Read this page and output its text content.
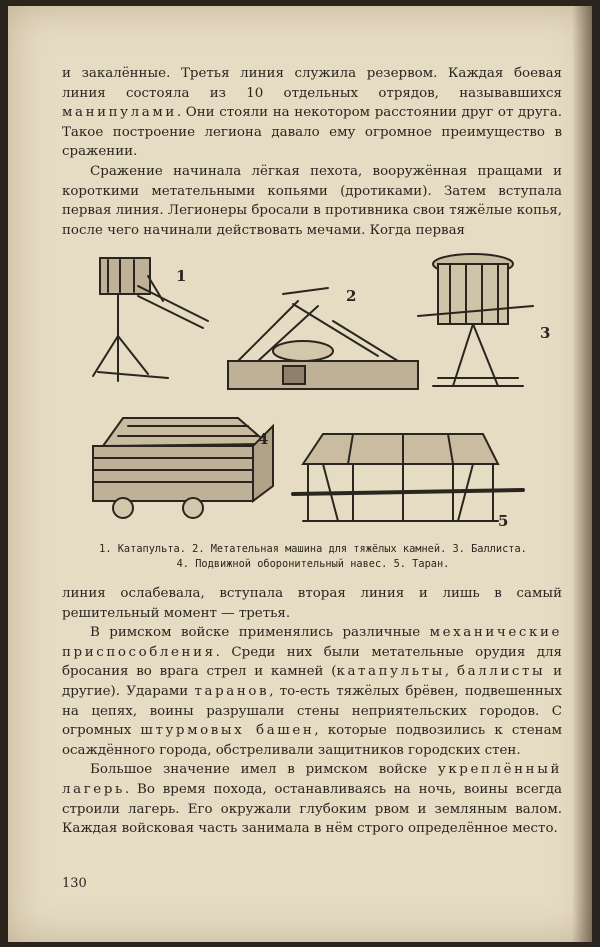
и закалённые. Третья линия служила резервом. Каждая боевая линия состояла из 10 отдельных отрядов, называвшихся манипулами. Они стояли на некотором расстоянии друг от друга. Такое построение легиона давало ему огромное преимущество в сражении.

Сражение начинала лёгкая пехота, вооружённая пращами и короткими метательными копьями (дротиками). Затем вступала первая линия. Легионеры бросали в противника свои тяжёлые копья, после чего начинали действовать мечами. Когда первая

1
2
3
4
5
1. Катапульта. 2. Метательная машина для тяжёлых камней. 3. Баллиста.
4. Подвижной оборонительный навес. 5. Таран.

линия ослабевала, вступала вторая линия и лишь в самый решительный момент — третья.

В римском войске применялись различные механические приспособления. Среди них были метательные орудия для бросания во врага стрел и камней (катапульты, баллисты и другие). Ударами таранов, то-есть тяжёлых брёвен, подвешенных на цепях, воины разрушали стены неприятельских городов. С огромных штурмовых башен, которые подвозились к стенам осаждённого города, обстреливали защитников городских стен.

Большое значение имел в римском войске укреплённый лагерь. Во время похода, останавливаясь на ночь, воины всегда строили лагерь. Его окружали глубоким рвом и земляным валом. Каждая войсковая часть занимала в нём строго определённое место.

130
